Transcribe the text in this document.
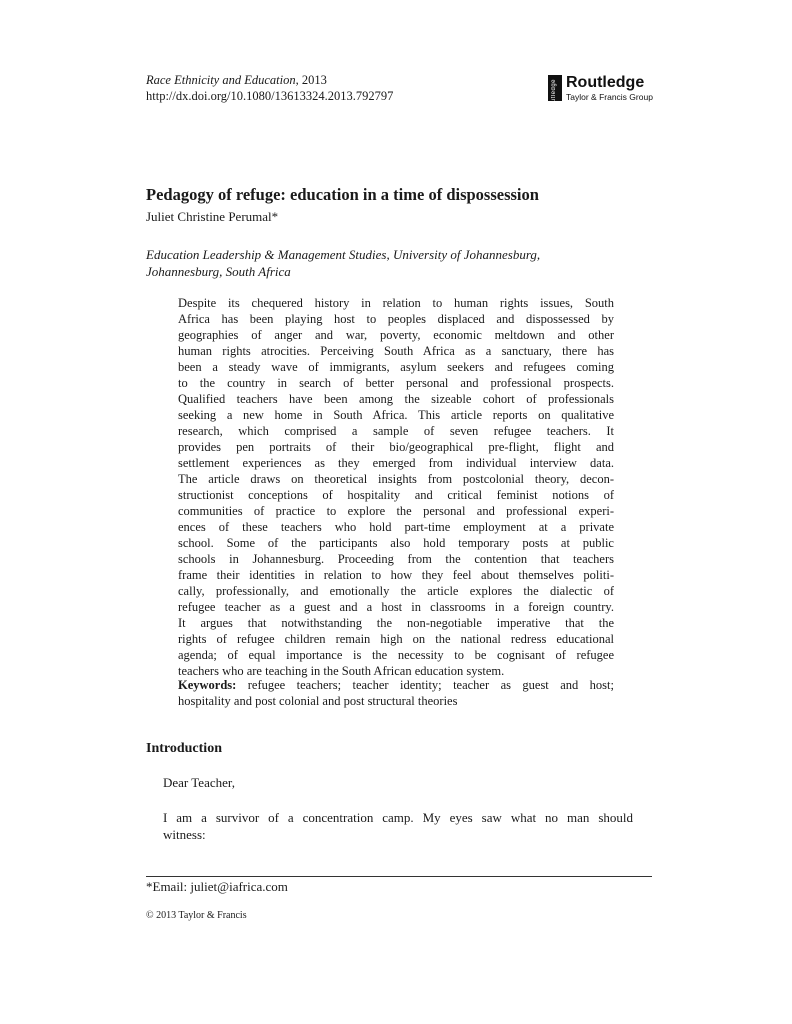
Race Ethnicity and Education, 2013
http://dx.doi.org/10.1080/13613324.2013.792797	Routledge Routledge
Taylor & Francis Group
Pedagogy of refuge: education in a time of dispossession
Juliet Christine Perumal*
Education Leadership & Management Studies, University of Johannesburg,
Johannesburg, South Africa
Despite its chequered history in relation to human rights issues, South
Africa has been playing host to peoples displaced and dispossessed by
geographies of anger and war, poverty, economic meltdown and other
human rights atrocities. Perceiving South Africa as a sanctuary, there has
been a steady wave of immigrants, asylum seekers and refugees coming
to the country in search of better personal and professional prospects.
Qualified teachers have been among the sizeable cohort of professionals
seeking a new home in South Africa. This article reports on qualitative
research, which comprised a sample of seven refugee teachers. It
provides pen portraits of their bio/geographical pre-flight, flight and
settlement experiences as they emerged from individual interview data.
The article draws on theoretical insights from postcolonial theory, decon-
structionist conceptions of hospitality and critical feminist notions of
communities of practice to explore the personal and professional experi-
ences of these teachers who hold part-time employment at a private
school. Some of the participants also hold temporary posts at public
schools in Johannesburg. Proceeding from the contention that teachers
frame their identities in relation to how they feel about themselves politi-
cally, professionally, and emotionally the article explores the dialectic of
refugee teacher as a guest and a host in classrooms in a foreign country.
It argues that notwithstanding the non-negotiable imperative that the
rights of refugee children remain high on the national redress educational
agenda; of equal importance is the necessity to be cognisant of refugee
teachers who are teaching in the South African education system.
Keywords: refugee teachers; teacher identity; teacher as guest and host;
hospitality and post colonial and post structural theories
Introduction
Dear Teacher,
I am a survivor of a concentration camp. My eyes saw what no man should
witness:
*Email: juliet@iafrica.com
© 2013 Taylor & Francis
